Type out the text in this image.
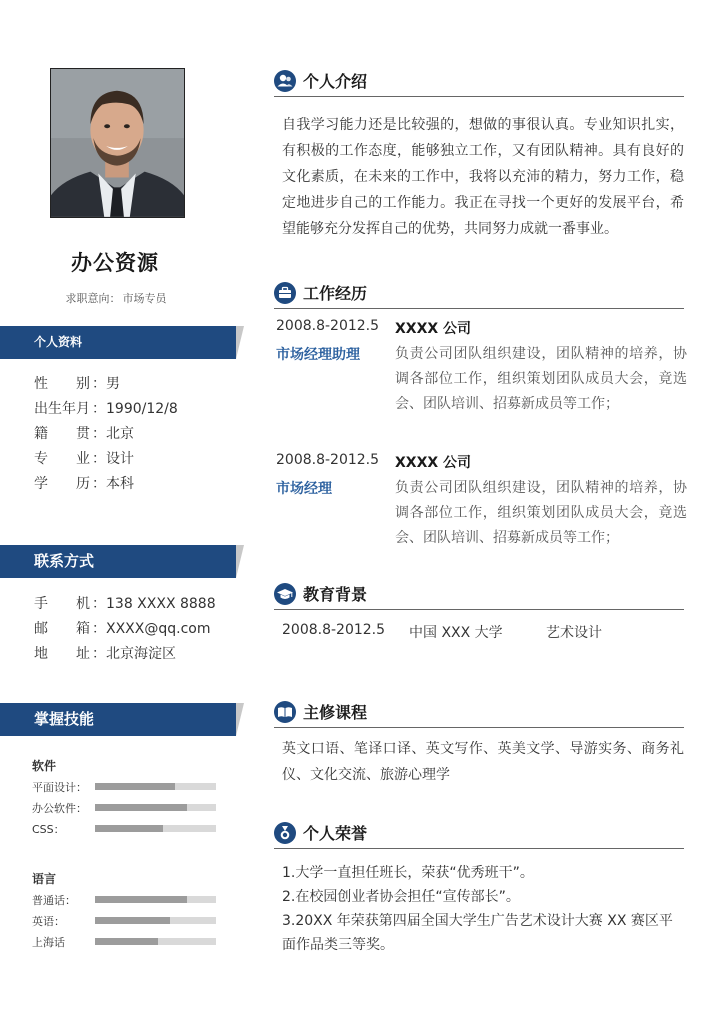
办公资源
求职意向： 市场专员
个人资料
性　　别 ： 男
出生年月 ： 1990/12/8
籍　　贯 ： 北京
专　　业 ： 设计
学　　历 ： 本科
联系方式
手　　机 ： 138 XXXX 8888
邮　　箱 ： XXXX@qq.com
地　　址 ： 北京海淀区
掌握技能
软件
平面设计：
办公软件：
CSS：
语言
普通话：
英语：
上海话
个人介绍
自我学习能力还是比较强的，想做的事很认真。专业知识扎实，有积极的工作态度，能够独立工作，又有团队精神。具有良好的文化素质，在未来的工作中，我将以充沛的精力，努力工作，稳定地进步自己的工作能力。我正在寻找一个更好的发展平台，希望能够充分发挥自己的优势，共同努力成就一番事业。
工作经历
2008.8-2012.5 XXXX 公司
市场经理助理	负责公司团队组织建设，团队精神的培养，协调各部位工作，组织策划团队成员大会，竟选会、团队培训、招募新成员等工作；
2008.8-2012.5 XXXX 公司
市场经理	负责公司团队组织建设，团队精神的培养，协调各部位工作，组织策划团队成员大会，竟选会、团队培训、招募新成员等工作；
教育背景
2008.8-2012.5 中国 XXX 大学	艺术设计
主修课程
英文口语、笔译口译、英文写作、英美文学、导游实务、商务礼仪、文化交流、旅游心理学
个人荣誉
1.大学一直担任班长，荣获“优秀班干”。
2.在校园创业者协会担任“宣传部长”。
3.20XX 年荣获第四届全国大学生广告艺术设计大赛 XX 赛区平面作品类三等奖。
